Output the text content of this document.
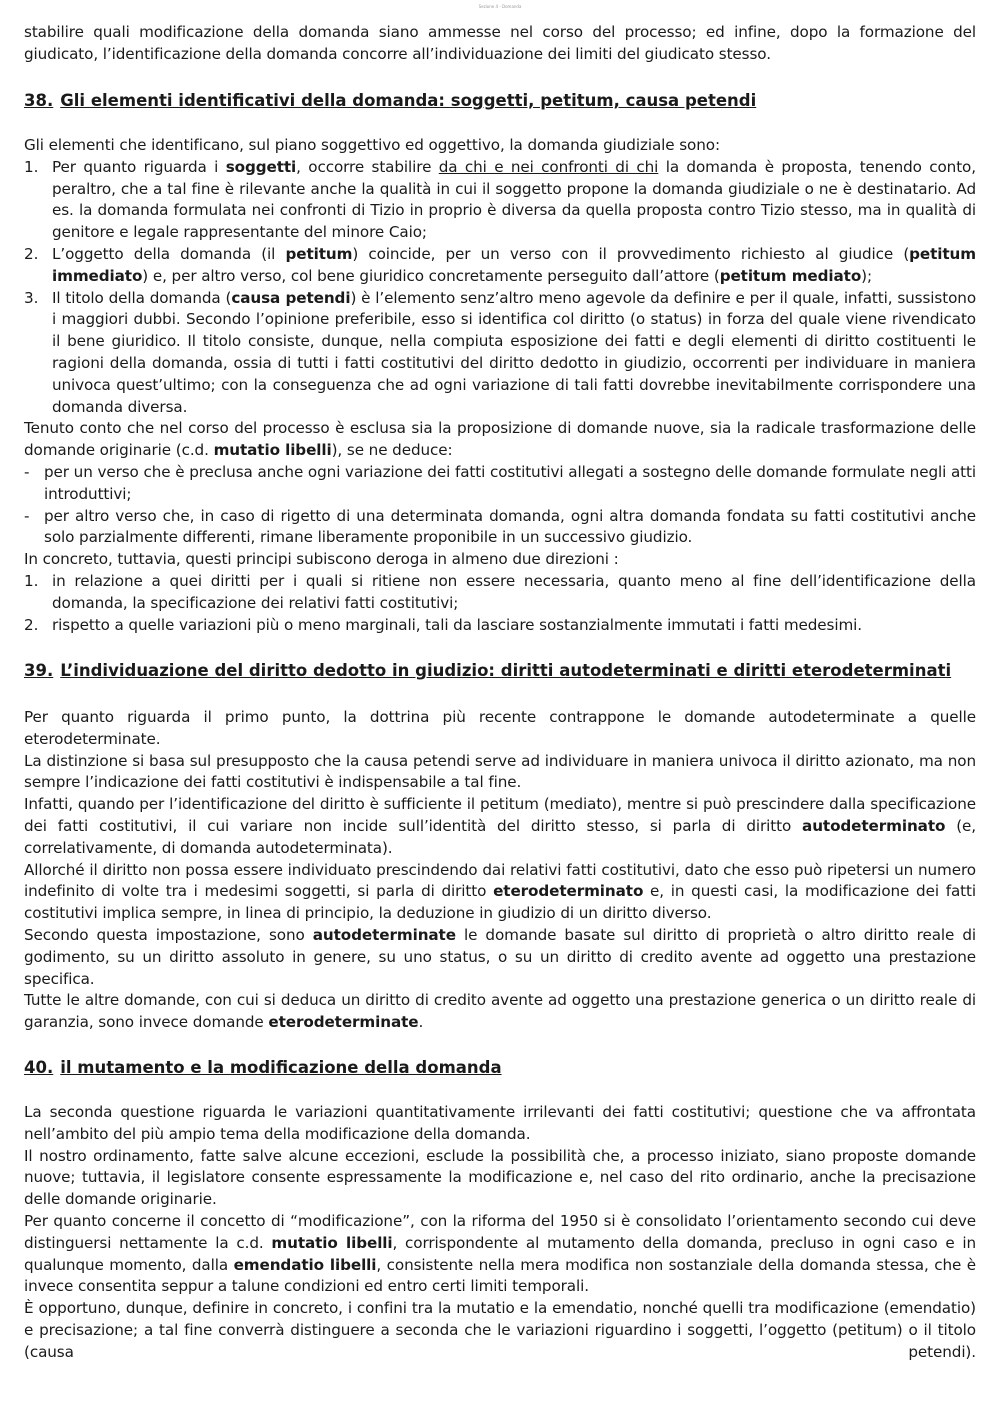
Sezione 4 - Domanda

stabilire quali modificazione della domanda siano ammesse nel corso del processo; ed infine, dopo la formazione del giudicato, l’identificazione della domanda concorre all’individuazione dei limiti del giudicato stesso.

38. Gli elementi identificativi della domanda: soggetti, petitum, causa petendi

Gli elementi che identificano, sul piano soggettivo ed oggettivo, la domanda giudiziale sono:

1. Per quanto riguarda i soggetti, occorre stabilire da chi e nei confronti di chi la domanda è proposta, tenendo conto, peraltro, che a tal fine è rilevante anche la qualità in cui il soggetto propone la domanda giudiziale o ne è destinatario. Ad es. la domanda formulata nei confronti di Tizio in proprio è diversa da quella proposta contro Tizio stesso, ma in qualità di genitore e legale rappresentante del minore Caio;
2. L’oggetto della domanda (il petitum) coincide, per un verso con il provvedimento richiesto al giudice (petitum immediato) e, per altro verso, col bene giuridico concretamente perseguito dall’attore (petitum mediato);
3. Il titolo della domanda (causa petendi) è l’elemento senz’altro meno agevole da definire e per il quale, infatti, sussistono i maggiori dubbi. Secondo l’opinione preferibile, esso si identifica col diritto (o status) in forza del quale viene rivendicato il bene giuridico. Il titolo consiste, dunque, nella compiuta esposizione dei fatti e degli elementi di diritto costituenti le ragioni della domanda, ossia di tutti i fatti costitutivi del diritto dedotto in giudizio, occorrenti per individuare in maniera univoca quest’ultimo; con la conseguenza che ad ogni variazione di tali fatti dovrebbe inevitabilmente corrispondere una domanda diversa.

Tenuto conto che nel corso del processo è esclusa sia la proposizione di domande nuove, sia la radicale trasformazione delle domande originarie (c.d. mutatio libelli), se ne deduce:

- per un verso che è preclusa anche ogni variazione dei fatti costitutivi allegati a sostegno delle domande formulate negli atti introduttivi;
- per altro verso che, in caso di rigetto di una determinata domanda, ogni altra domanda fondata su fatti costitutivi anche solo parzialmente differenti, rimane liberamente proponibile in un successivo giudizio.

In concreto, tuttavia, questi principi subiscono deroga in almeno due direzioni :

1. in relazione a quei diritti per i quali si ritiene non essere necessaria, quanto meno al fine dell’identificazione della domanda, la specificazione dei relativi fatti costitutivi;
2. rispetto a quelle variazioni più o meno marginali, tali da lasciare sostanzialmente immutati i fatti medesimi.
39. L’individuazione del diritto dedotto in giudizio: diritti autodeterminati e diritti eterodeterminati

Per quanto riguarda il primo punto, la dottrina più recente contrappone le domande autodeterminate a quelle eterodeterminate.

La distinzione si basa sul presupposto che la causa petendi serve ad individuare in maniera univoca il diritto azionato, ma non sempre l’indicazione dei fatti costitutivi è indispensabile a tal fine.

Infatti, quando per l’identificazione del diritto è sufficiente il petitum (mediato), mentre si può prescindere dalla specificazione dei fatti costitutivi, il cui variare non incide sull’identità del diritto stesso, si parla di diritto autodeterminato (e, correlativamente, di domanda autodeterminata).

Allorché il diritto non possa essere individuato prescindendo dai relativi fatti costitutivi, dato che esso può ripetersi un numero indefinito di volte tra i medesimi soggetti, si parla di diritto eterodeterminato e, in questi casi, la modificazione dei fatti costitutivi implica sempre, in linea di principio, la deduzione in giudizio di un diritto diverso.

Secondo questa impostazione, sono autodeterminate le domande basate sul diritto di proprietà o altro diritto reale di godimento, su un diritto assoluto in genere, su uno status, o su un diritto di credito avente ad oggetto una prestazione specifica.

Tutte le altre domande, con cui si deduca un diritto di credito avente ad oggetto una prestazione generica o un diritto reale di garanzia, sono invece domande eterodeterminate.

40. il mutamento e la modificazione della domanda

La seconda questione riguarda le variazioni quantitativamente irrilevanti dei fatti costitutivi; questione che va affrontata nell’ambito del più ampio tema della modificazione della domanda.

Il nostro ordinamento, fatte salve alcune eccezioni, esclude la possibilità che, a processo iniziato, siano proposte domande nuove; tuttavia, il legislatore consente espressamente la modificazione e, nel caso del rito ordinario, anche la precisazione delle domande originarie.

Per quanto concerne il concetto di “modificazione”, con la riforma del 1950 si è consolidato l’orientamento secondo cui deve distinguersi nettamente la c.d. mutatio libelli, corrispondente al mutamento della domanda, precluso in ogni caso e in qualunque momento, dalla emendatio libelli, consistente nella mera modifica non sostanziale della domanda stessa, che è invece consentita seppur a talune condizioni ed entro certi limiti temporali.

È opportuno, dunque, definire in concreto, i confini tra la mutatio e la emendatio, nonché quelli tra modificazione (emendatio) e precisazione; a tal fine converrà distinguere a seconda che le variazioni riguardino i soggetti, l’oggetto (petitum) o il titolo (causa petendi).
